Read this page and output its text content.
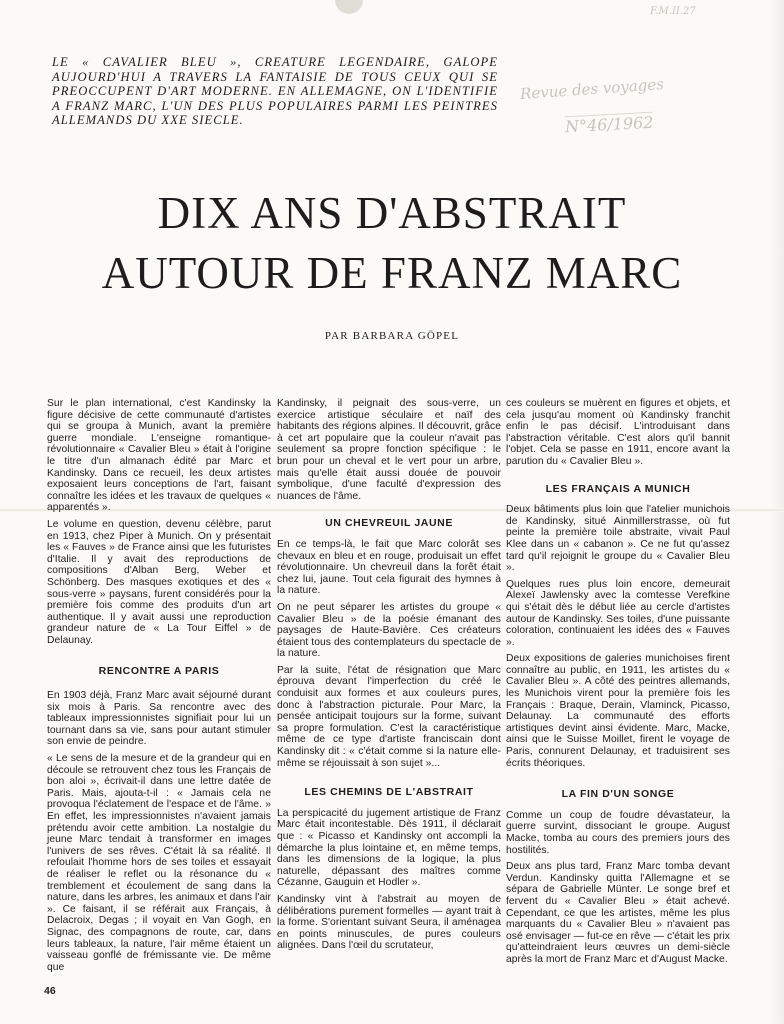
F.M.II.27
Revue des voyages
N°46/1962

LE « CAVALIER BLEU », CREATURE LEGENDAIRE, GALOPE AUJOURD'HUI A TRAVERS LA FANTAISIE DE TOUS CEUX QUI SE PREOCCUPENT D'ART MODERNE. EN ALLEMAGNE, ON L'IDENTIFIE A FRANZ MARC, L'UN DES PLUS POPULAIRES PARMI LES PEINTRES ALLEMANDS DU XXE SIECLE.

DIX ANS D'ABSTRAIT
AUTOUR DE FRANZ MARC
PAR BARBARA GÖPEL

Sur le plan international, c'est Kandinsky la figure décisive de cette communauté d'artistes qui se groupa à Munich, avant la première guerre mondiale. L'enseigne romantique-révolutionnaire « Cavalier Bleu » était à l'origine le titre d'un almanach édité par Marc et Kandinsky. Dans ce recueil, les deux artistes exposaient leurs conceptions de l'art, faisant connaître les idées et les travaux de quelques « apparentés ».

Le volume en question, devenu célèbre, parut en 1913, chez Piper à Munich. On y présentait les « Fauves » de France ainsi que les futuristes d'Italie. Il y avait des reproductions de compositions d'Alban Berg, Weber et Schönberg. Des masques exotiques et des « sous-verre » paysans, furent considérés pour la première fois comme des produits d'un art authentique. Il y avait aussi une reproduction grandeur nature de « La Tour Eiffel » de Delaunay.

RENCONTRE A PARIS

En 1903 déjà, Franz Marc avait séjourné durant six mois à Paris. Sa rencontre avec des tableaux impressionnistes signifiait pour lui un tournant dans sa vie, sans pour autant stimuler son envie de peindre.

« Le sens de la mesure et de la grandeur qui en découle se retrouvent chez tous les Français de bon aloi », écrivait-il dans une lettre datée de Paris. Mais, ajouta-t-il : « Jamais cela ne provoqua l'éclatement de l'espace et de l'âme. » En effet, les impressionnistes n'avaient jamais prétendu avoir cette ambition. La nostalgie du jeune Marc tendait à transformer en images l'univers de ses rêves. C'était là sa réalité. Il refoulait l'homme hors de ses toiles et essayait de réaliser le reflet ou la résonance du « tremblement et écoulement de sang dans la nature, dans les arbres, les animaux et dans l'air ». Ce faisant, il se référait aux Français, à Delacroix, Degas ; il voyait en Van Gogh, en Signac, des compagnons de route, car, dans leurs tableaux, la nature, l'air même étaient un vaisseau gonflé de frémissante vie. De même que

46

Kandinsky, il peignait des sous-verre, un exercice artistique séculaire et naïf des habitants des régions alpines. Il découvrit, grâce à cet art populaire que la couleur n'avait pas seulement sa propre fonction spécifique : le brun pour un cheval et le vert pour un arbre, mais qu'elle était aussi douée de pouvoir symbolique, d'une faculté d'expression des nuances de l'âme.

UN CHEVREUIL JAUNE

En ce temps-là, le fait que Marc colorât ses chevaux en bleu et en rouge, produisait un effet révolutionnaire. Un chevreuil dans la forêt était chez lui, jaune. Tout cela figurait des hymnes à la nature.

On ne peut séparer les artistes du groupe « Cavalier Bleu » de la poésie émanant des paysages de Haute-Bavière. Ces créateurs étaient tous des contemplateurs du spectacle de la nature.

Par la suite, l'état de résignation que Marc éprouva devant l'imperfection du créé le conduisit aux formes et aux couleurs pures, donc à l'abstraction picturale. Pour Marc, la pensée anticipait toujours sur la forme, suivant sa propre formulation. C'est la caractéristique même de ce type d'artiste franciscain dont Kandinsky dit : « c'était comme si la nature elle-même se réjouissait à son sujet »...

LES CHEMINS DE L'ABSTRAIT

La perspicacité du jugement artistique de Franz Marc était incontestable. Dès 1911, il déclarait que : « Picasso et Kandinsky ont accompli la démarche la plus lointaine et, en même temps, dans les dimensions de la logique, la plus naturelle, dépassant des maîtres comme Cézanne, Gauguin et Hodler ».

Kandinsky vint à l'abstrait au moyen de délibérations purement formelles — ayant trait à la forme. S'orientant suivant Seura, il aménagea en points minuscules, de pures couleurs alignées. Dans l'œil du scrutateur,

ces couleurs se muèrent en figures et objets, et cela jusqu'au moment où Kandinsky franchit enfin le pas décisif. L'introduisant dans l'abstraction véritable. C'est alors qu'il bannit l'objet. Cela se passe en 1911, encore avant la parution du « Cavalier Bleu ».

LES FRANÇAIS A MUNICH

Deux bâtiments plus loin que l'atelier munichois de Kandinsky, situé Ainmillerstrasse, où fut peinte la première toile abstraite, vivait Paul Klee dans un « cabanon ». Ce ne fut qu'assez tard qu'il rejoignit le groupe du « Cavalier Bleu ».

Quelques rues plus loin encore, demeurait Alexeï Jawlensky avec la comtesse Verefkine qui s'était dès le début liée au cercle d'artistes autour de Kandinsky. Ses toiles, d'une puissante coloration, continuaient les idées des « Fauves ».

Deux expositions de galeries munichoises firent connaître au public, en 1911, les artistes du « Cavalier Bleu ». A côté des peintres allemands, les Munichois virent pour la première fois les Français : Braque, Derain, Vlaminck, Picasso, Delaunay. La communauté des efforts artistiques devint ainsi évidente. Marc, Macke, ainsi que le Suisse Moillet, firent le voyage de Paris, connurent Delaunay, et traduisirent ses écrits théoriques.

LA FIN D'UN SONGE

Comme un coup de foudre dévastateur, la guerre survint, dissociant le groupe. August Macke, tomba au cours des premiers jours des hostilités.

Deux ans plus tard, Franz Marc tomba devant Verdun. Kandinsky quitta l'Allemagne et se sépara de Gabrielle Münter. Le songe bref et fervent du « Cavalier Bleu » était achevé. Cependant, ce que les artistes, même les plus marquants du « Cavalier Bleu » n'avaient pas osé envisager — fut-ce en rêve — c'était les prix qu'atteindraient leurs œuvres un demi-siècle après la mort de Franz Marc et d'August Macke.
